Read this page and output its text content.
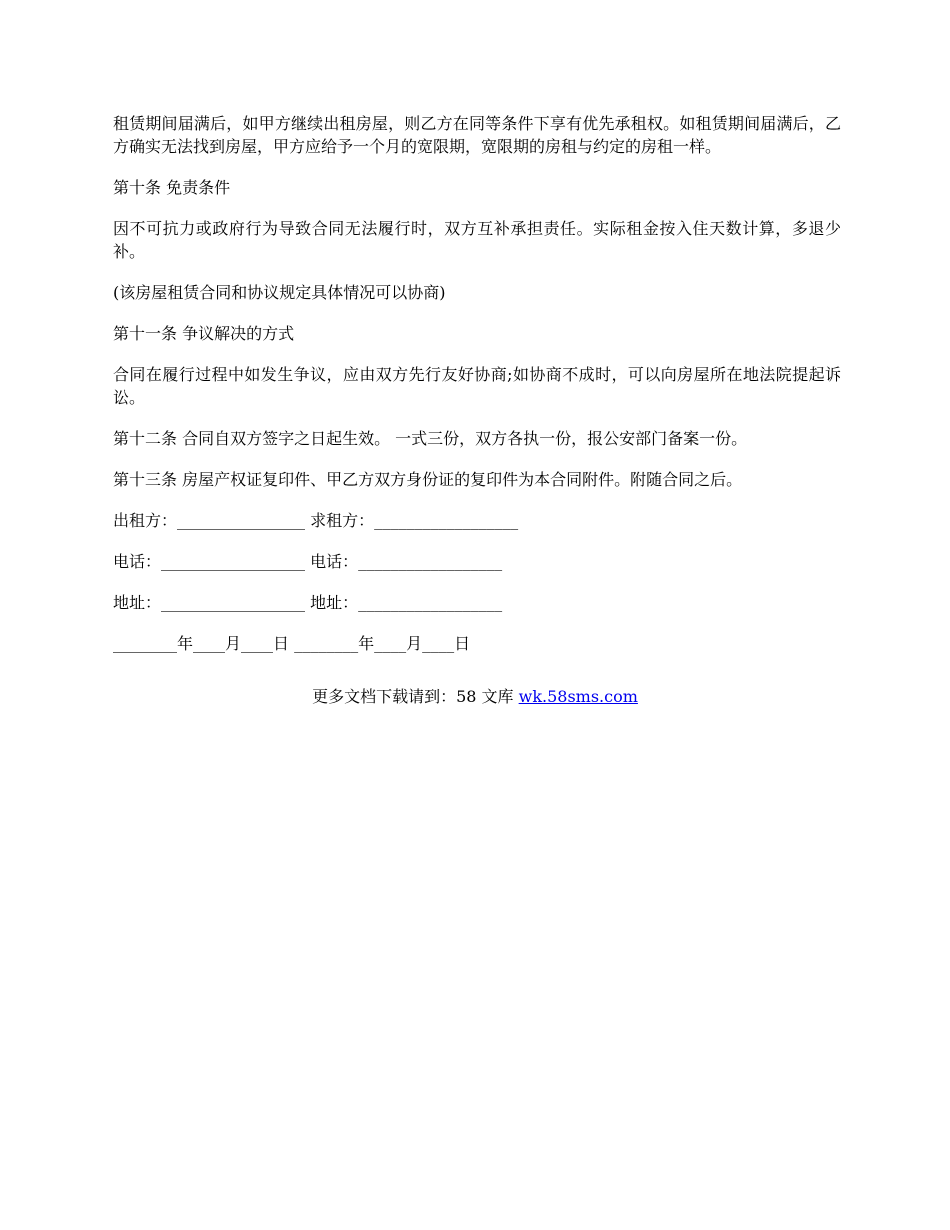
租赁期间届满后，如甲方继续出租房屋，则乙方在同等条件下享有优先承租权。如租赁期间届满后，乙方确实无法找到房屋，甲方应给予一个月的宽限期，宽限期的房租与约定的房租一样。

第十条 免责条件

因不可抗力或政府行为导致合同无法履行时，双方互补承担责任。实际租金按入住天数计算，多退少补。

(该房屋租赁合同和协议规定具体情况可以协商)

第十一条 争议解决的方式

合同在履行过程中如发生争议，应由双方先行友好协商;如协商不成时，可以向房屋所在地法院提起诉讼。

第十二条 合同自双方签字之日起生效。 一式三份，双方各执一份，报公安部门备案一份。

第十三条 房屋产权证复印件、甲乙方双方身份证的复印件为本合同附件。附随合同之后。

出租方：________________ 求租方：__________________

电话：__________________ 电话：__________________

地址：__________________ 地址：__________________

________年____月____日 ________年____月____日

更多文档下载请到：58 文库 wk.58sms.com
